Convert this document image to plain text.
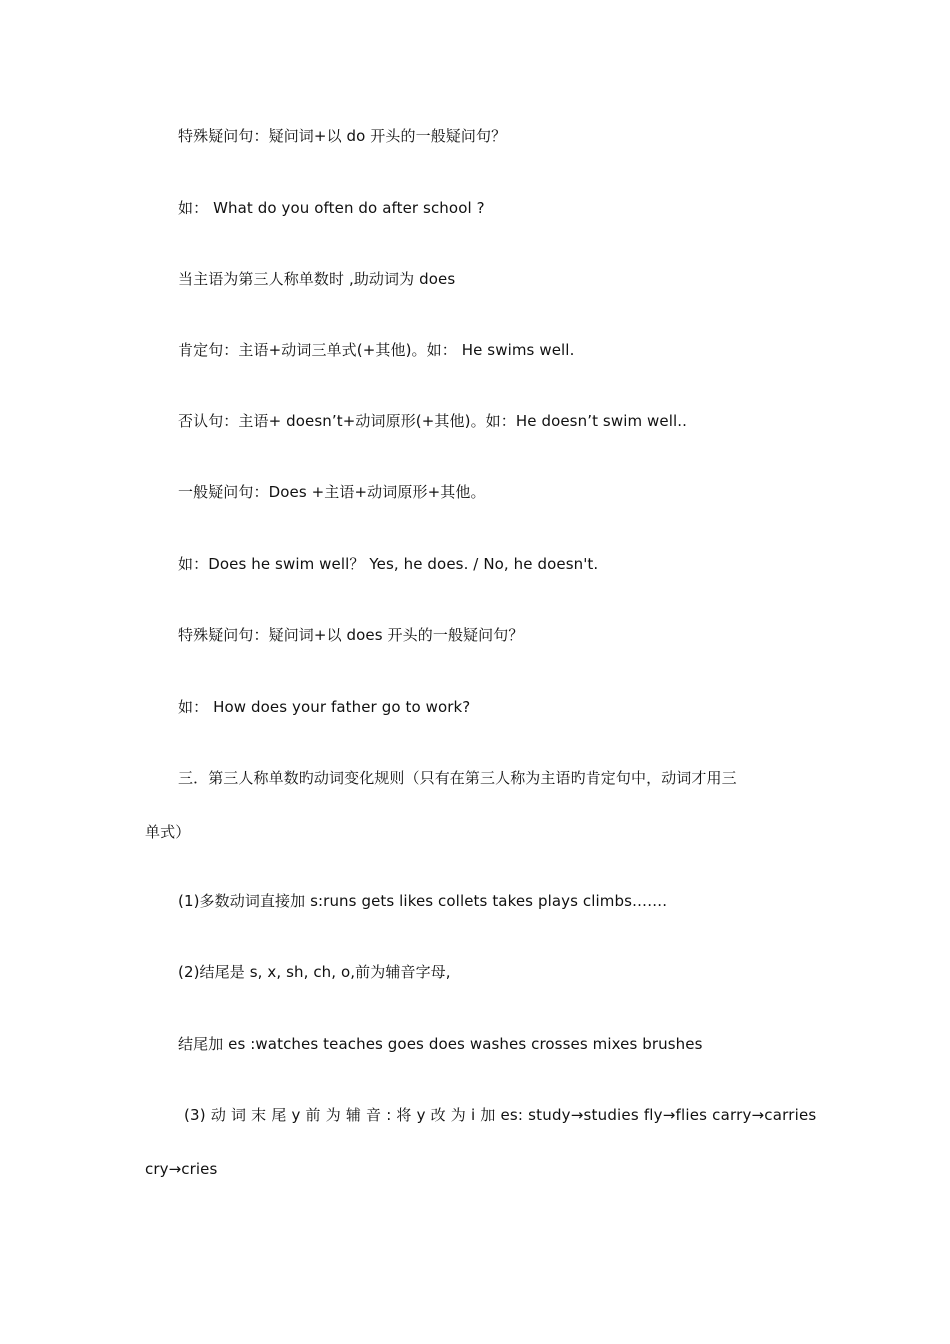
特殊疑问句：疑问词+以 do 开头的一般疑问句？
如： What do you often do after school ?
当主语为第三人称单数时 ,助动词为 does
肯定句：主语+动词三单式(+其他)。如： He swims well.
否认句：主语+ doesn’t+动词原形(+其他)。如：He doesn’t swim well..
一般疑问句：Does +主语+动词原形+其他。
如：Does he swim well？ Yes, he does. / No, he doesn't.
特殊疑问句：疑问词+以 does 开头的一般疑问句？
如： How does your father go to work?
三．第三人称单数旳动词变化规则（只有在第三人称为主语旳肯定句中，动词才用三
单式）
(1)多数动词直接加 s:runs gets likes collets takes plays climbs…….
(2)结尾是 s, x, sh, ch, o,前为辅音字母,
结尾加 es :watches teaches goes does washes crosses mixes brushes
(3) 动 词 末 尾 y 前 为 辅 音 : 将 y 改 为 i 加 es: study→studies fly→flies carry→carries
cry→cries
